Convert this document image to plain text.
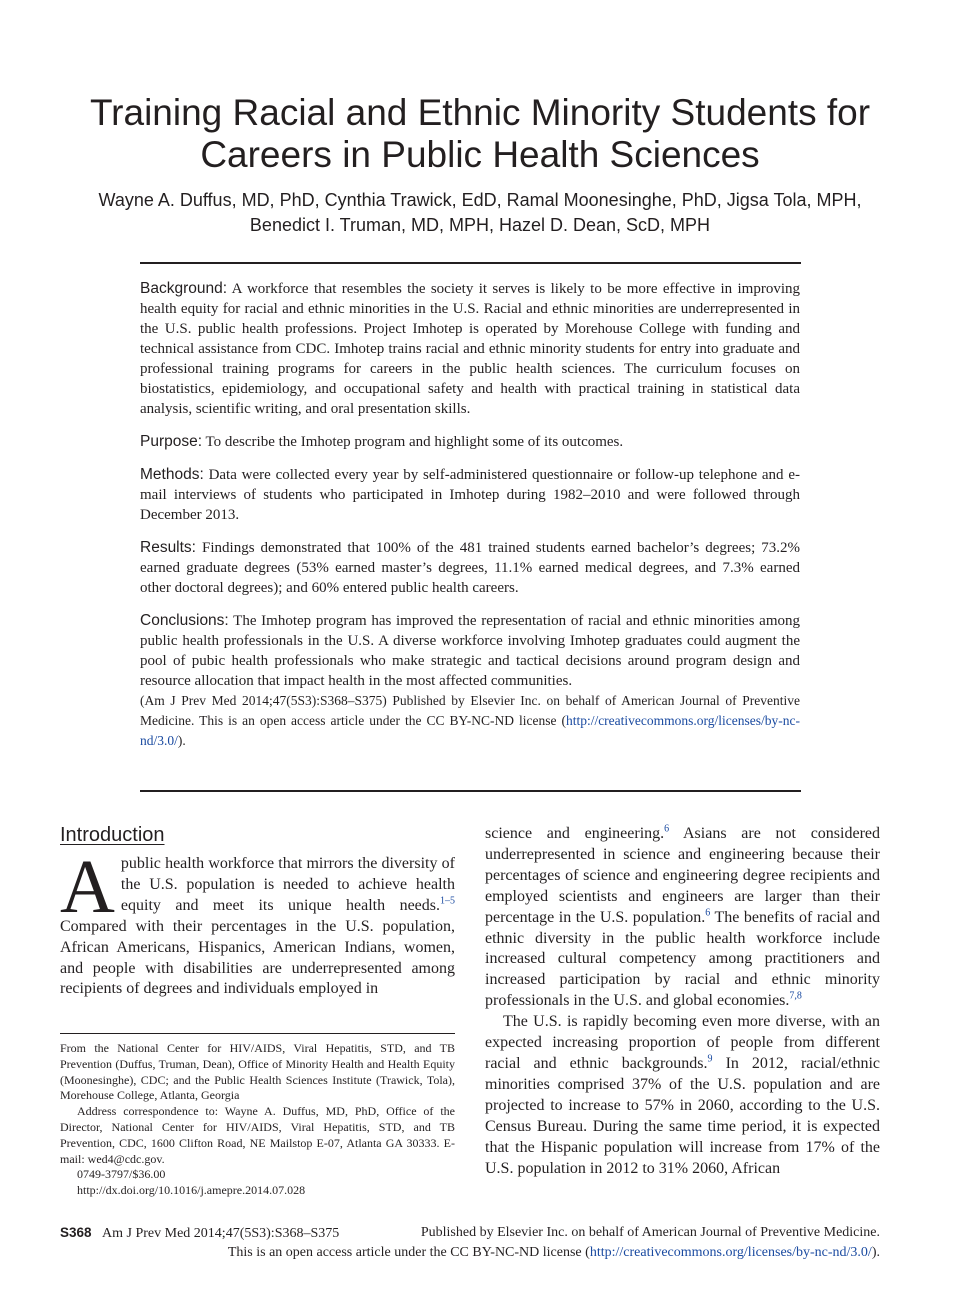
Training Racial and Ethnic Minority Students for Careers in Public Health Sciences
Wayne A. Duffus, MD, PhD, Cynthia Trawick, EdD, Ramal Moonesinghe, PhD, Jigsa Tola, MPH,
Benedict I. Truman, MD, MPH, Hazel D. Dean, ScD, MPH

Background: A workforce that resembles the society it serves is likely to be more effective in improving health equity for racial and ethnic minorities in the U.S. Racial and ethnic minorities are underrepresented in the U.S. public health professions. Project Imhotep is operated by Morehouse College with funding and technical assistance from CDC. Imhotep trains racial and ethnic minority students for entry into graduate and professional training programs for careers in the public health sciences. The curriculum focuses on biostatistics, epidemiology, and occupational safety and health with practical training in statistical data analysis, scientific writing, and oral presentation skills.

Purpose: To describe the Imhotep program and highlight some of its outcomes.

Methods: Data were collected every year by self-administered questionnaire or follow-up telephone and e-mail interviews of students who participated in Imhotep during 1982–2010 and were followed through December 2013.

Results: Findings demonstrated that 100% of the 481 trained students earned bachelor’s degrees; 73.2% earned graduate degrees (53% earned master’s degrees, 11.1% earned medical degrees, and 7.3% earned other doctoral degrees); and 60% entered public health careers.

Conclusions: The Imhotep program has improved the representation of racial and ethnic minorities among public health professionals in the U.S. A diverse workforce involving Imhotep graduates could augment the pool of pubic health professionals who make strategic and tactical decisions around program design and resource allocation that impact health in the most affected communities.

(Am J Prev Med 2014;47(5S3):S368–S375) Published by Elsevier Inc. on behalf of American Journal of Preventive Medicine. This is an open access article under the CC BY-NC-ND license (http://creativecommons.org/licenses/by-nc-nd/3.0/).

Introduction

Apublic health workforce that mirrors the diversity of the U.S. population is needed to achieve health equity and meet its unique health needs.$^{1-5}$ Compared with their percentages in the U.S. population, African Americans, Hispanics, American Indians, women, and people with disabilities are underrepresented among recipients of degrees and individuals employed in

science and engineering.$^6$ Asians are not considered underrepresented in science and engineering because their percentages of science and engineering degree recipients and employed scientists and engineers are larger than their percentage in the U.S. population.$^6$ The benefits of racial and ethnic diversity in the public health workforce include increased cultural competency among practitioners and increased participation by racial and ethnic minority professionals in the U.S. and global economies.$^{7,8}$

The U.S. is rapidly becoming even more diverse, with an expected increasing proportion of people from different racial and ethnic backgrounds.$^9$ In 2012, racial/ethnic minorities comprised 37% of the U.S. population and are projected to increase to 57% in 2060, according to the U.S. Census Bureau. During the same time period, it is expected that the Hispanic population will increase from 17% of the U.S. population in 2012 to 31% 2060, African

From the National Center for HIV/AIDS, Viral Hepatitis, STD, and TB Prevention (Duffus, Truman, Dean), Office of Minority Health and Health Equity (Moonesinghe), CDC; and the Public Health Sciences Institute (Trawick, Tola), Morehouse College, Atlanta, Georgia

Address correspondence to: Wayne A. Duffus, MD, PhD, Office of the Director, National Center for HIV/AIDS, Viral Hepatitis, STD, and TB Prevention, CDC, 1600 Clifton Road, NE Mailstop E-07, Atlanta GA 30333. E-mail: wed4@cdc.gov.

0749-3797/$36.00

http://dx.doi.org/10.1016/j.amepre.2014.07.028

S368 Am J Prev Med 2014;47(5S3):S368–S375	Published by Elsevier Inc. on behalf of American Journal of Preventive Medicine.
This is an open access article under the CC BY-NC-ND license (http://creativecommons.org/licenses/by-nc-nd/3.0/).
